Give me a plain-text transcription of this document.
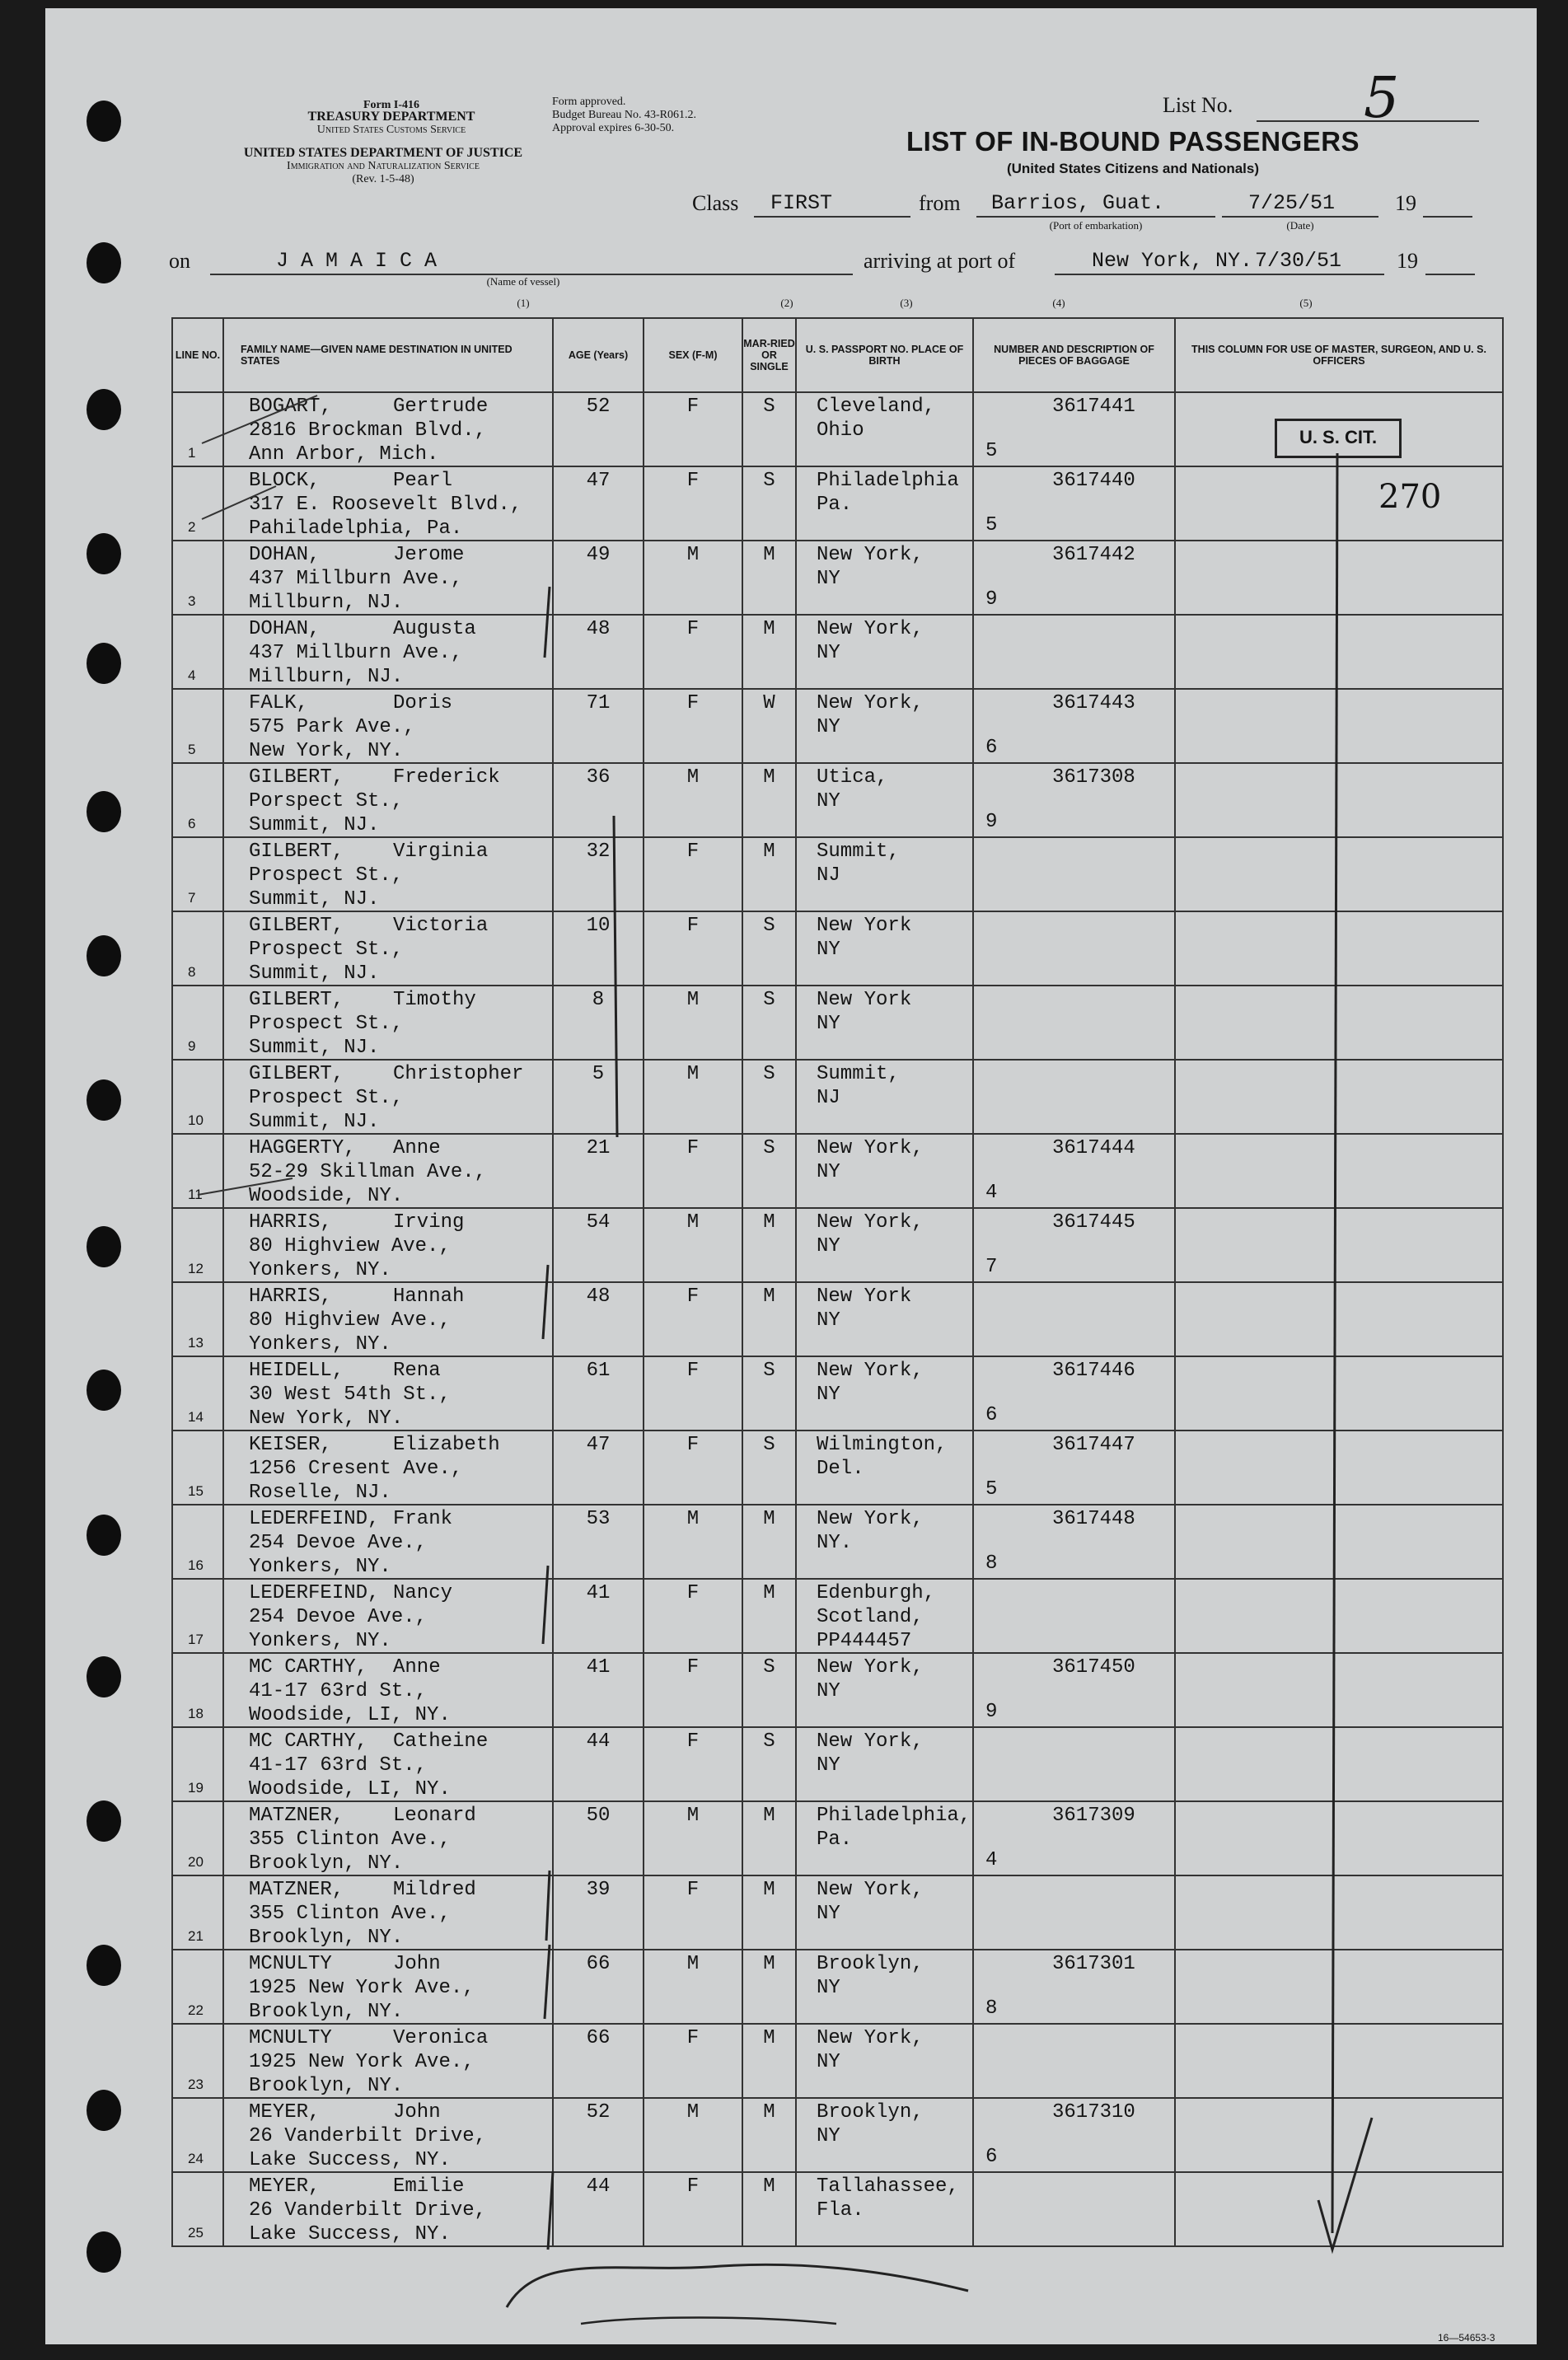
Form I-416
TREASURY DEPARTMENT
United States Customs Service
UNITED STATES DEPARTMENT OF JUSTICE
Immigration and Naturalization Service
(Rev. 1-5-48)
Form approved.
Budget Bureau No. 43-R061.2.
Approval expires 6-30-50.
List No. 5
LIST OF IN-BOUND PASSENGERS
(United States Citizens and Nationals)
Class FIRST	from Barrios, Guat.
(Port of embarkation)
7/25/51
(Date)
19
on	J A M A I C A
(Name of vessel)
arriving at port of	New York, NY. 7/30/51	19
(1)	(2)	(3)	(4)	(5)
LINE NO.	FAMILY NAME—GIVEN NAME DESTINATION IN UNITED STATES	AGE (Years)	SEX (F-M)	MAR-RIED OR SINGLE	U. S. PASSPORT NO. PLACE OF BIRTH	NUMBER AND DESCRIPTION OF PIECES OF BAGGAGE	THIS COLUMN FOR USE OF MASTER, SURGEON, AND U. S. OFFICERS

1	BOGART, Gertrude
2816 Brockman Blvd.,
Ann Arbor, Mich.	52	F	S	Cleveland,
Ohio	3617441
5	

2	BLOCK, Pearl
317 E. Roosevelt Blvd.,
Pahiladelphia, Pa.	47	F	S	Philadelphia
Pa.	3617440
5	

3	DOHAN, Jerome
437 Millburn Ave.,
Millburn, NJ.	49	M	M	New York,
NY	3617442
9	

4	DOHAN, Augusta
437 Millburn Ave.,
Millburn, NJ.	48	F	M	New York,
NY		

5	FALK, Doris
575 Park Ave.,
New York, NY.	71	F	W	New York,
NY	3617443
6	

6	GILBERT, Frederick
Porspect St.,
Summit, NJ.	36	M	M	Utica,
NY	3617308
9	

7	GILBERT, Virginia
Prospect St.,
Summit, NJ.	32	F	M	Summit,
NJ		

8	GILBERT, Victoria
Prospect St.,
Summit, NJ.	10	F	S	New York
NY		

9	GILBERT, Timothy
Prospect St.,
Summit, NJ.	8	M	S	New York
NY		

10	GILBERT, Christopher
Prospect St.,
Summit, NJ.	5	M	S	Summit,
NJ		

11	HAGGERTY, Anne
52-29 Skillman Ave.,
Woodside, NY.	21	F	S	New York,
NY	3617444
4	

12	HARRIS, Irving
80 Highview Ave.,
Yonkers, NY.	54	M	M	New York,
NY	3617445
7	

13	HARRIS, Hannah
80 Highview Ave.,
Yonkers, NY.	48	F	M	New York
NY		

14	HEIDELL, Rena
30 West 54th St.,
New York, NY.	61	F	S	New York,
NY	3617446
6	

15	KEISER, Elizabeth
1256 Cresent Ave.,
Roselle, NJ.	47	F	S	Wilmington,
Del.	3617447
5	

16	LEDERFEIND, Frank
254 Devoe Ave.,
Yonkers, NY.	53	M	M	New York,
NY.	3617448
8	

17	LEDERFEIND, Nancy
254 Devoe Ave.,
Yonkers, NY.	41	F	M	Edenburgh,
Scotland,
PP444457		

18	MC CARTHY, Anne
41-17 63rd St.,
Woodside, LI, NY.	41	F	S	New York,
NY	3617450
9	

19	MC CARTHY, Catheine
41-17 63rd St.,
Woodside, LI, NY.	44	F	S	New York,
NY		

20	MATZNER, Leonard
355 Clinton Ave.,
Brooklyn, NY.	50	M	M	Philadelphia,
Pa.	3617309
4	

21	MATZNER, Mildred
355 Clinton Ave.,
Brooklyn, NY.	39	F	M	New York,
NY		

22	MCNULTY John
1925 New York Ave.,
Brooklyn, NY.	66	M	M	Brooklyn,
NY	3617301
8	

23	MCNULTY Veronica
1925 New York Ave.,
Brooklyn, NY.	66	F	M	New York,
NY		

24	MEYER, John
26 Vanderbilt Drive,
Lake Success, NY.	52	M	M	Brooklyn,
NY	3617310
6	

25	MEYER, Emilie
26 Vanderbilt Drive,
Lake Success, NY.	44	F	M	Tallahassee,
Fla.		

U. S. CIT.
270
16—54653-3
